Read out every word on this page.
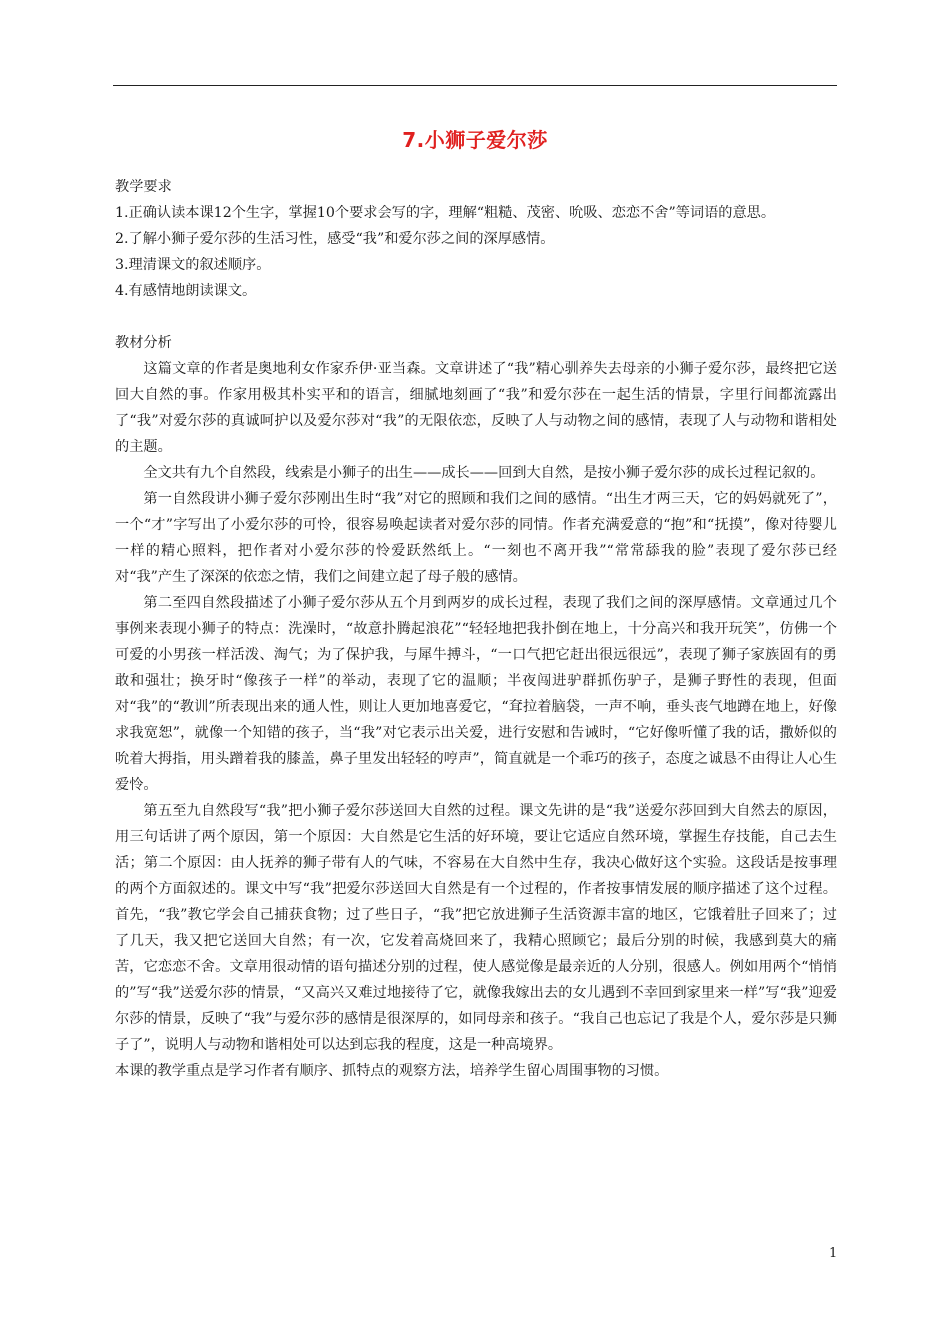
7.小狮子爱尔莎

教学要求

1.正确认读本课12个生字，掌握10个要求会写的字，理解“粗糙、茂密、吮吸、恋恋不舍”等词语的意思。

2.了解小狮子爱尔莎的生活习性，感受“我”和爱尔莎之间的深厚感情。

3.理清课文的叙述顺序。

4.有感情地朗读课文。

教材分析

这篇文章的作者是奥地利女作家乔伊·亚当森。文章讲述了“我”精心驯养失去母亲的小狮子爱尔莎，最终把它送回大自然的事。作家用极其朴实平和的语言，细腻地刻画了“我”和爱尔莎在一起生活的情景，字里行间都流露出了“我”对爱尔莎的真诚呵护以及爱尔莎对“我”的无限依恋，反映了人与动物之间的感情，表现了人与动物和谐相处的主题。

全文共有九个自然段，线索是小狮子的出生——成长——回到大自然，是按小狮子爱尔莎的成长过程记叙的。

第一自然段讲小狮子爱尔莎刚出生时“我”对它的照顾和我们之间的感情。“出生才两三天，它的妈妈就死了”，一个“才”字写出了小爱尔莎的可怜，很容易唤起读者对爱尔莎的同情。作者充满爱意的“抱”和“抚摸”，像对待婴儿一样的精心照料，把作者对小爱尔莎的怜爱跃然纸上。“一刻也不离开我”“常常舔我的脸”表现了爱尔莎已经对“我”产生了深深的依恋之情，我们之间建立起了母子般的感情。

第二至四自然段描述了小狮子爱尔莎从五个月到两岁的成长过程，表现了我们之间的深厚感情。文章通过几个事例来表现小狮子的特点：洗澡时，“故意扑腾起浪花”“轻轻地把我扑倒在地上，十分高兴和我开玩笑”，仿佛一个可爱的小男孩一样活泼、淘气；为了保护我，与犀牛搏斗，“一口气把它赶出很远很远”，表现了狮子家族固有的勇敢和强壮；换牙时“像孩子一样”的举动，表现了它的温顺；半夜闯进驴群抓伤驴子，是狮子野性的表现，但面对“我”的“教训”所表现出来的通人性，则让人更加地喜爱它，“耷拉着脑袋，一声不响，垂头丧气地蹲在地上，好像求我宽恕”，就像一个知错的孩子，当“我”对它表示出关爱，进行安慰和告诫时，“它好像听懂了我的话，撒娇似的吮着大拇指，用头蹭着我的膝盖，鼻子里发出轻轻的哼声”，简直就是一个乖巧的孩子，态度之诚恳不由得让人心生爱怜。

第五至九自然段写“我”把小狮子爱尔莎送回大自然的过程。课文先讲的是“我”送爱尔莎回到大自然去的原因，用三句话讲了两个原因，第一个原因：大自然是它生活的好环境，要让它适应自然环境，掌握生存技能，自己去生活；第二个原因：由人抚养的狮子带有人的气味，不容易在大自然中生存，我决心做好这个实验。这段话是按事理的两个方面叙述的。课文中写“我”把爱尔莎送回大自然是有一个过程的，作者按事情发展的顺序描述了这个过程。首先，“我”教它学会自己捕获食物；过了些日子，“我”把它放进狮子生活资源丰富的地区，它饿着肚子回来了；过了几天，我又把它送回大自然；有一次，它发着高烧回来了，我精心照顾它；最后分别的时候，我感到莫大的痛苦，它恋恋不舍。文章用很动情的语句描述分别的过程，使人感觉像是最亲近的人分别，很感人。例如用两个“悄悄的”写“我”送爱尔莎的情景，“又高兴又难过地接待了它，就像我嫁出去的女儿遇到不幸回到家里来一样”写“我”迎爱尔莎的情景，反映了“我”与爱尔莎的感情是很深厚的，如同母亲和孩子。“我自己也忘记了我是个人，爱尔莎是只狮子了”，说明人与动物和谐相处可以达到忘我的程度，这是一种高境界。

本课的教学重点是学习作者有顺序、抓特点的观察方法，培养学生留心周围事物的习惯。

1
